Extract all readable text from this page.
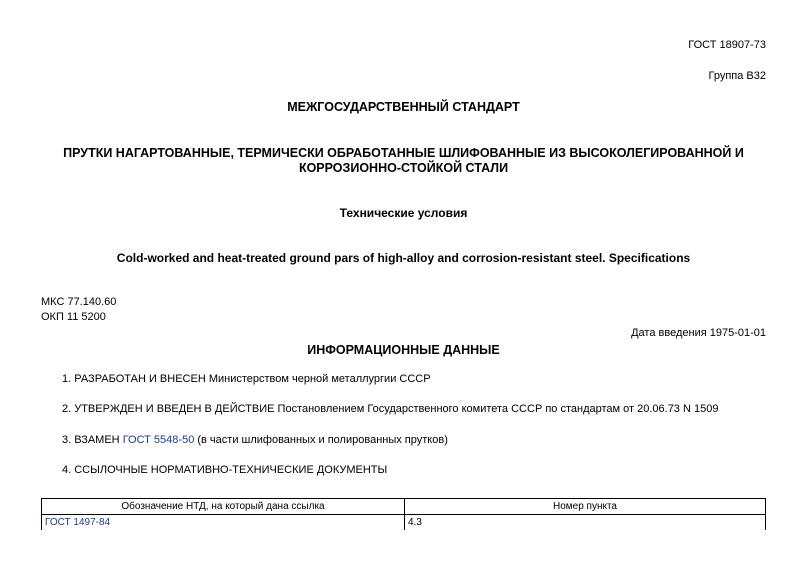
ГОСТ 18907-73
Группа В32
МЕЖГОСУДАРСТВЕННЫЙ СТАНДАРТ
ПРУТКИ НАГАРТОВАННЫЕ, ТЕРМИЧЕСКИ ОБРАБОТАННЫЕ ШЛИФОВАННЫЕ ИЗ ВЫСОКОЛЕГИРОВАННОЙ И
КОРРОЗИОННО-СТОЙКОЙ СТАЛИ
Технические условия
Cold-worked and heat-treated ground pars of high-alloy and corrosion-resistant steel. Specifications
МКС 77.140.60
ОКП 11 5200
Дата введения 1975-01-01
ИНФОРМАЦИОННЫЕ ДАННЫЕ
1. РАЗРАБОТАН И ВНЕСЕН Министерством черной металлургии СССР
2. УТВЕРЖДЕН И ВВЕДЕН В ДЕЙСТВИЕ Постановлением Государственного комитета СССР по стандартам от 20.06.73 N 1509
3. ВЗАМЕН ГОСТ 5548-50 (в части шлифованных и полированных прутков)
4. ССЫЛОЧНЫЕ НОРМАТИВНО-ТЕХНИЧЕСКИЕ ДОКУМЕНТЫ
Обозначение НТД, на который дана ссылка	Номер пункта
ГОСТ 1497-84	4.3
